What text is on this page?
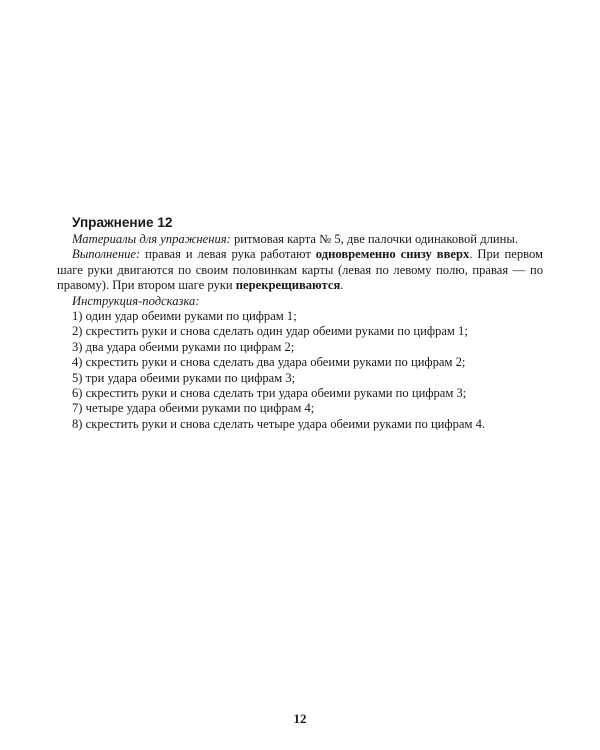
Упражнение 12

Материалы для упражнения: ритмовая карта № 5, две палочки одинаковой длины.

Выполнение: правая и левая рука работают одновременно снизу вверх. При первом шаге руки двигаются по своим половинкам карты (левая по левому полю, правая — по правому). При втором шаге руки перекрещиваются.

Инструкция-подсказка:
1) один удар обеими руками по цифрам 1;
2) скрестить руки и снова сделать один удар обеими руками по цифрам 1;
3) два удара обеими руками по цифрам 2;
4) скрестить руки и снова сделать два удара обеими руками по цифрам 2;
5) три удара обеими руками по цифрам 3;
6) скрестить руки и снова сделать три удара обеими руками по цифрам 3;
7) четыре удара обеими руками по цифрам 4;
8) скрестить руки и снова сделать четыре удара обеими руками по цифрам 4.
12
